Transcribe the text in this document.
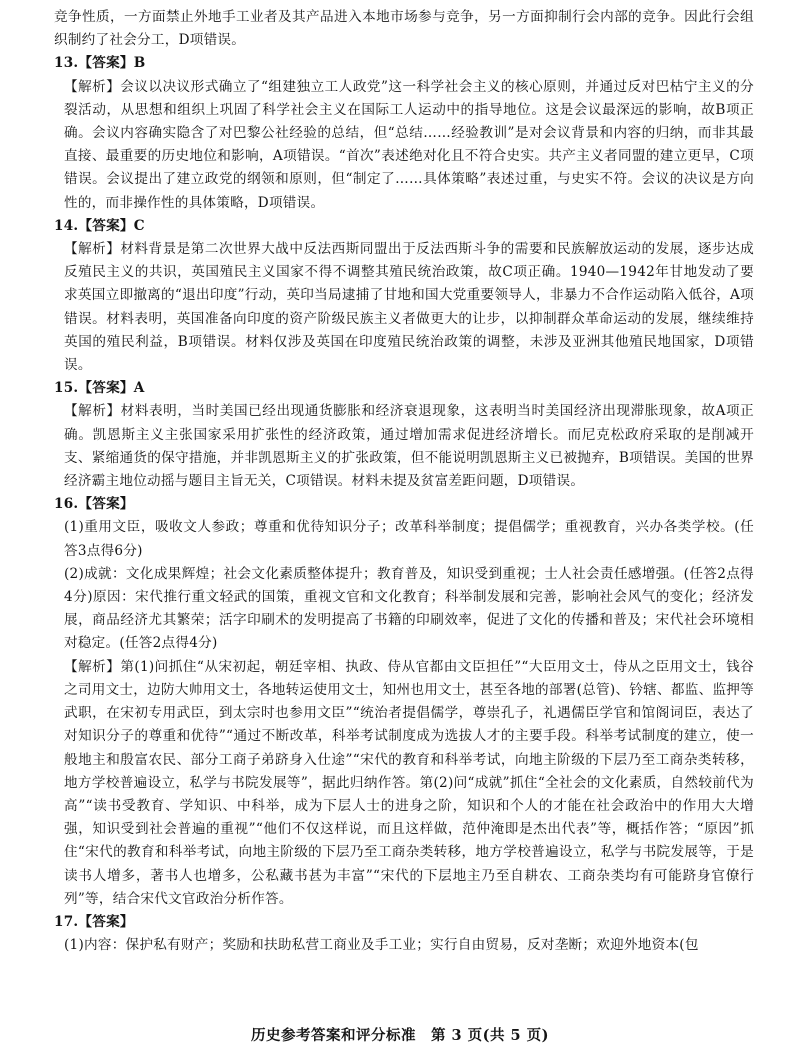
竞争性质，一方面禁止外地手工业者及其产品进入本地市场参与竞争，另一方面抑制行会内部的竞争。因此行会组织制约了社会分工，D项错误。

13.【答案】B

【解析】会议以决议形式确立了“组建独立工人政党”这一科学社会主义的核心原则，并通过反对巴枯宁主义的分裂活动，从思想和组织上巩固了科学社会主义在国际工人运动中的指导地位。这是会议最深远的影响，故B项正确。会议内容确实隐含了对巴黎公社经验的总结，但“总结……经验教训”是对会议背景和内容的归纳，而非其最直接、最重要的历史地位和影响，A项错误。“首次”表述绝对化且不符合史实。共产主义者同盟的建立更早，C项错误。会议提出了建立政党的纲领和原则，但“制定了……具体策略”表述过重，与史实不符。会议的决议是方向性的，而非操作性的具体策略，D项错误。

14.【答案】C

【解析】材料背景是第二次世界大战中反法西斯同盟出于反法西斯斗争的需要和民族解放运动的发展，逐步达成反殖民主义的共识，英国殖民主义国家不得不调整其殖民统治政策，故C项正确。1940—1942年甘地发动了要求英国立即撤离的“退出印度”行动，英印当局逮捕了甘地和国大党重要领导人，非暴力不合作运动陷入低谷，A项错误。材料表明，英国准备向印度的资产阶级民族主义者做更大的让步，以抑制群众革命运动的发展，继续维持英国的殖民利益，B项错误。材料仅涉及英国在印度殖民统治政策的调整，未涉及亚洲其他殖民地国家，D项错误。

15.【答案】A

【解析】材料表明，当时美国已经出现通货膨胀和经济衰退现象，这表明当时美国经济出现滞胀现象，故A项正确。凯恩斯主义主张国家采用扩张性的经济政策，通过增加需求促进经济增长。而尼克松政府采取的是削减开支、紧缩通货的保守措施，并非凯恩斯主义的扩张政策，但不能说明凯恩斯主义已被抛弃，B项错误。美国的世界经济霸主地位动摇与题目主旨无关，C项错误。材料未提及贫富差距问题，D项错误。

16.【答案】

(1)重用文臣，吸收文人参政；尊重和优待知识分子；改革科举制度；提倡儒学；重视教育，兴办各类学校。(任答3点得6分)

(2)成就：文化成果辉煌；社会文化素质整体提升；教育普及，知识受到重视；士人社会责任感增强。(任答2点得4分)原因：宋代推行重文轻武的国策，重视文官和文化教育；科举制发展和完善，影响社会风气的变化；经济发展，商品经济尤其繁荣；活字印刷术的发明提高了书籍的印刷效率，促进了文化的传播和普及；宋代社会环境相对稳定。(任答2点得4分)

【解析】第(1)问抓住“从宋初起，朝廷宰相、执政、侍从官都由文臣担任”“大臣用文士，侍从之臣用文士，钱谷之司用文士，边防大帅用文士，各地转运使用文士，知州也用文士，甚至各地的部署(总管)、钤辖、都监、监押等武职，在宋初专用武臣，到太宗时也参用文臣”“统治者提倡儒学，尊崇孔子，礼遇儒臣学官和馆阁词臣，表达了对知识分子的尊重和优待”“通过不断改革，科举考试制度成为选拔人才的主要手段。科举考试制度的建立，使一般地主和殷富农民、部分工商子弟跻身入仕途”“宋代的教育和科举考试，向地主阶级的下层乃至工商杂类转移，地方学校普遍设立，私学与书院发展等”，据此归纳作答。第(2)问“成就”抓住“全社会的文化素质，自然较前代为高”“读书受教育、学知识、中科举，成为下层人士的进身之阶，知识和个人的才能在社会政治中的作用大大增强，知识受到社会普遍的重视”“他们不仅这样说，而且这样做，范仲淹即是杰出代表”等，概括作答；“原因”抓住“宋代的教育和科举考试，向地主阶级的下层乃至工商杂类转移，地方学校普遍设立，私学与书院发展等，于是读书人增多，著书人也增多，公私藏书甚为丰富”“宋代的下层地主乃至自耕农、工商杂类均有可能跻身官僚行列”等，结合宋代文官政治分析作答。

17.【答案】

(1)内容：保护私有财产；奖励和扶助私营工商业及手工业；实行自由贸易，反对垄断；欢迎外地资本(包

历史参考答案和评分标准　第 3 页(共 5 页)
